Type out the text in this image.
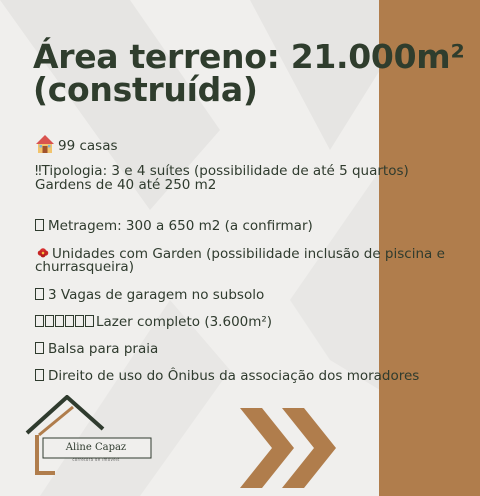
Área terreno: 21.000m² (construída)
99 casas
‼Tipologia: 3 e 4 suítes (possibilidade de até 5 quartos)
Gardens de 40 até 250 m2
Metragem: 300 a 650 m2 (a confirmar)
Unidades com Garden (possibilidade inclusão de piscina e
churrasqueira)
3 Vagas de garagem no subsolo
Lazer completo (3.600m²)
Balsa para praia
Direito de uso do Ônibus da associação dos moradores
Aline Capaz
corretora de imóveis
